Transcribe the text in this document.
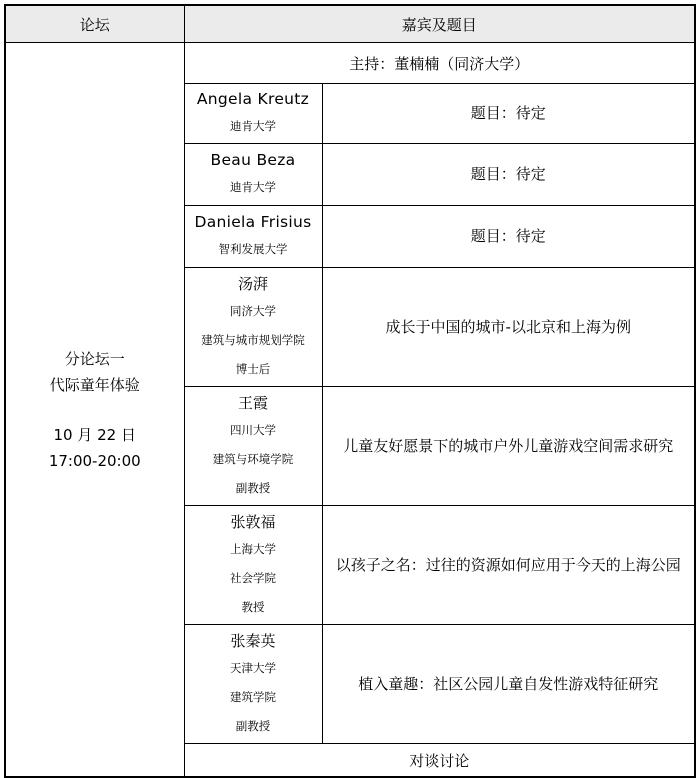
论坛	嘉宾及题目	

分论坛一
代际童年体验
10 月 22 日
17:00-20:00	主持：董楠楠（同济大学）	

	Angela Kreutz
迪肯大学	题目：待定

	Beau Beza
迪肯大学	题目：待定

	Daniela Frisius
智利发展大学	题目：待定

	汤湃
同济大学
建筑与城市规划学院
博士后	成长于中国的城市-以北京和上海为例

	王霞
四川大学
建筑与环境学院
副教授	儿童友好愿景下的城市户外儿童游戏空间需求研究

	张敦福
上海大学
社会学院
教授	以孩子之名：过往的资源如何应用于今天的上海公园

	张秦英
天津大学
建筑学院
副教授	植入童趣：社区公园儿童自发性游戏特征研究
	对谈讨论	
